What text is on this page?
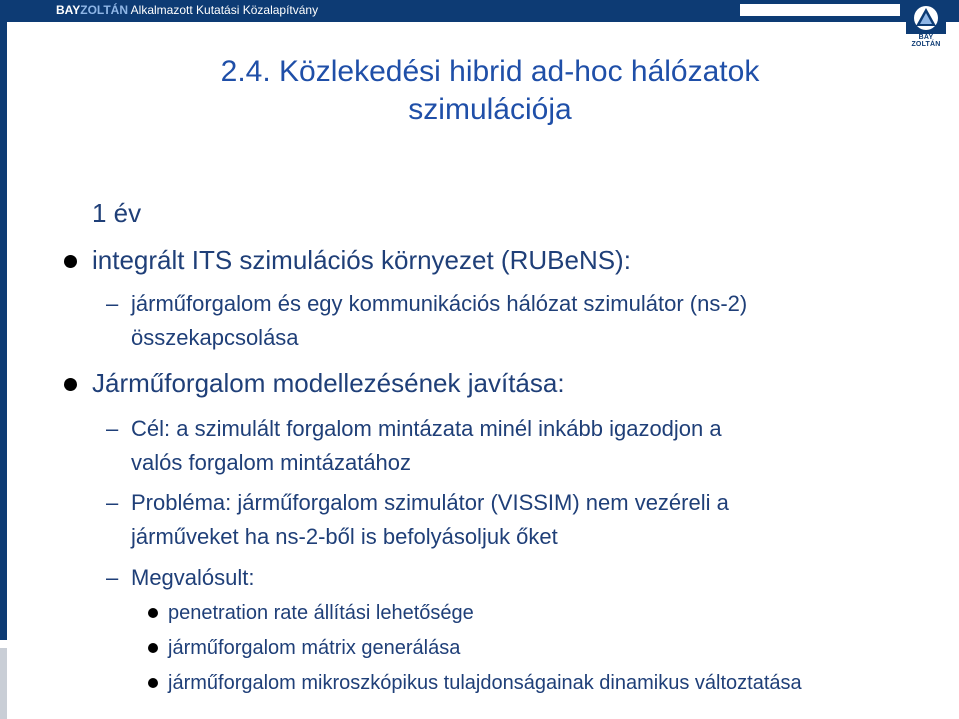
BAYZOLTÁN Alkalmazott Kutatási Közalapítvány
BAY ZOLTÁN
2.4. Közlekedési hibrid ad-hoc hálózatok
szimulációja
1 év
integrált ITS szimulációs környezet (RUBeNS):
– járműforgalom és egy kommunikációs hálózat szimulátor (ns-2)
összekapcsolása
Járműforgalom modellezésének javítása:
– Cél: a szimulált forgalom mintázata minél inkább igazodjon a
valós forgalom mintázatához
– Probléma: járműforgalom szimulátor (VISSIM) nem vezéreli a
járműveket ha ns-2-ből is befolyásoljuk őket
– Megvalósult:
penetration rate állítási lehetősége
járműforgalom mátrix generálása
járműforgalom mikroszkópikus tulajdonságainak dinamikus változtatása
